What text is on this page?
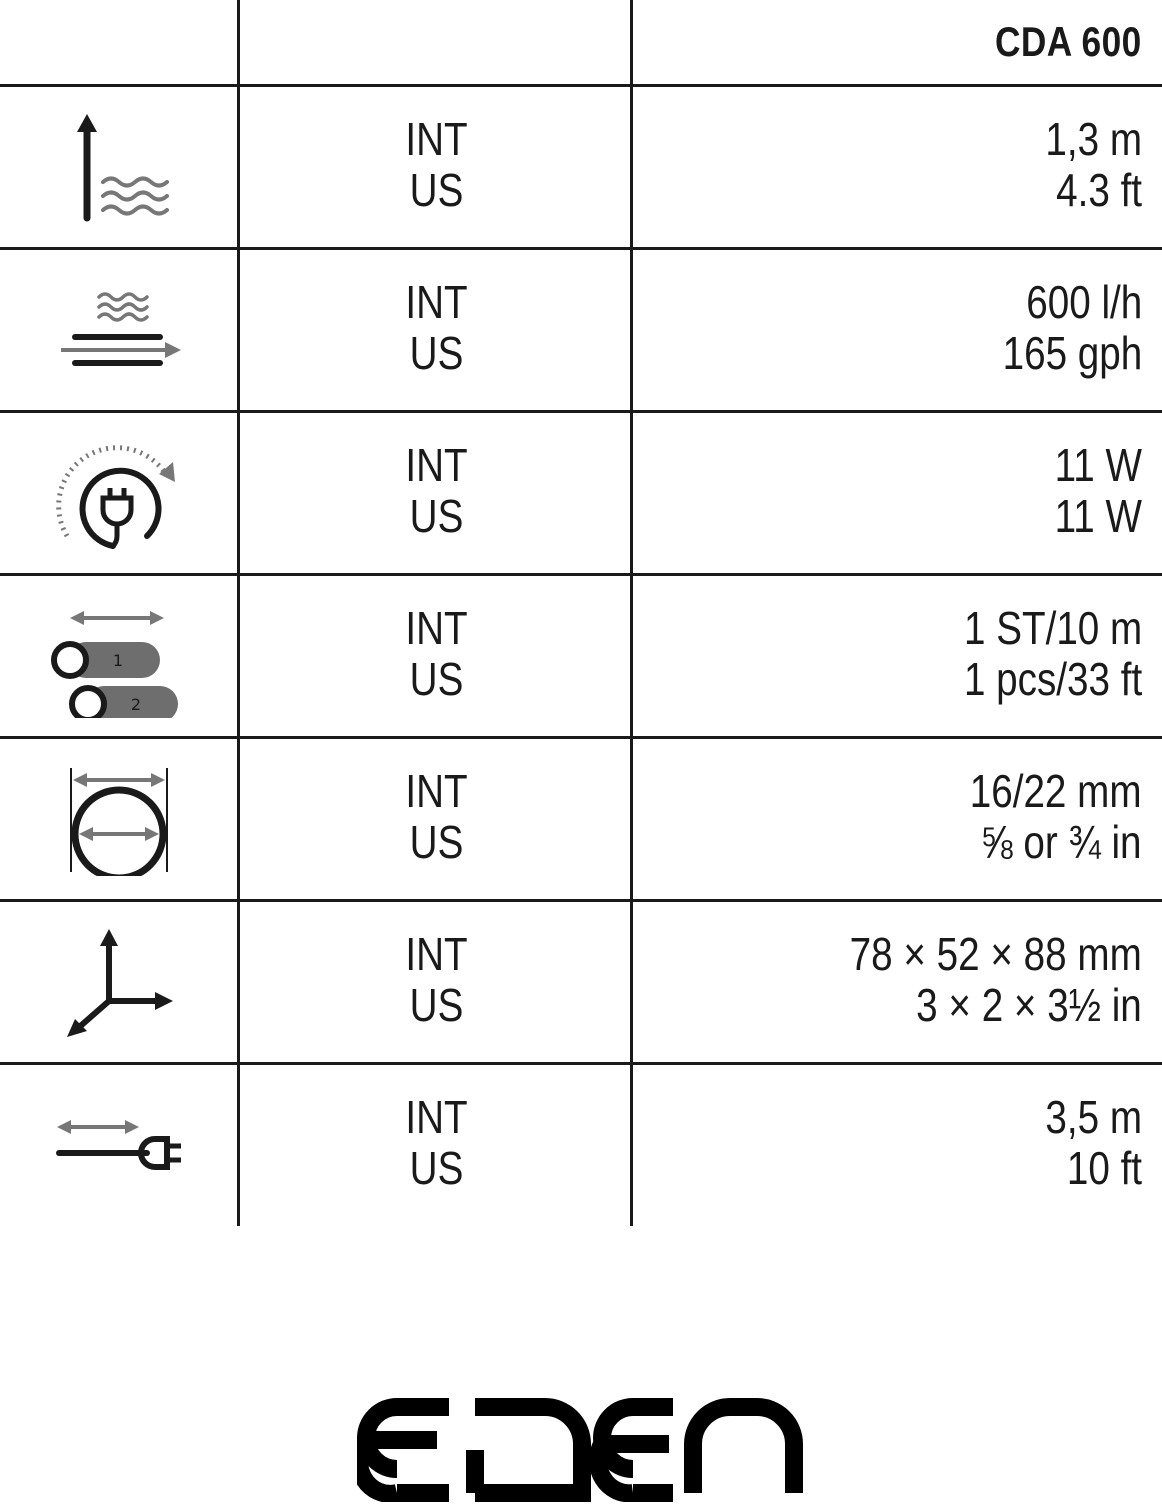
CDA 600
INT
US
1,3 m
4.3 ft
INT
US
600 l/h
165 gph
INT
US
11 W
11 W
1
2
INT
US
1 ST/10 m
1 pcs/33 ft
INT
US
16/22 mm
⅝ or ¾ in
INT
US
78 × 52 × 88 mm
3 × 2 × 3½ in
INT
US
3,5 m
10 ft
